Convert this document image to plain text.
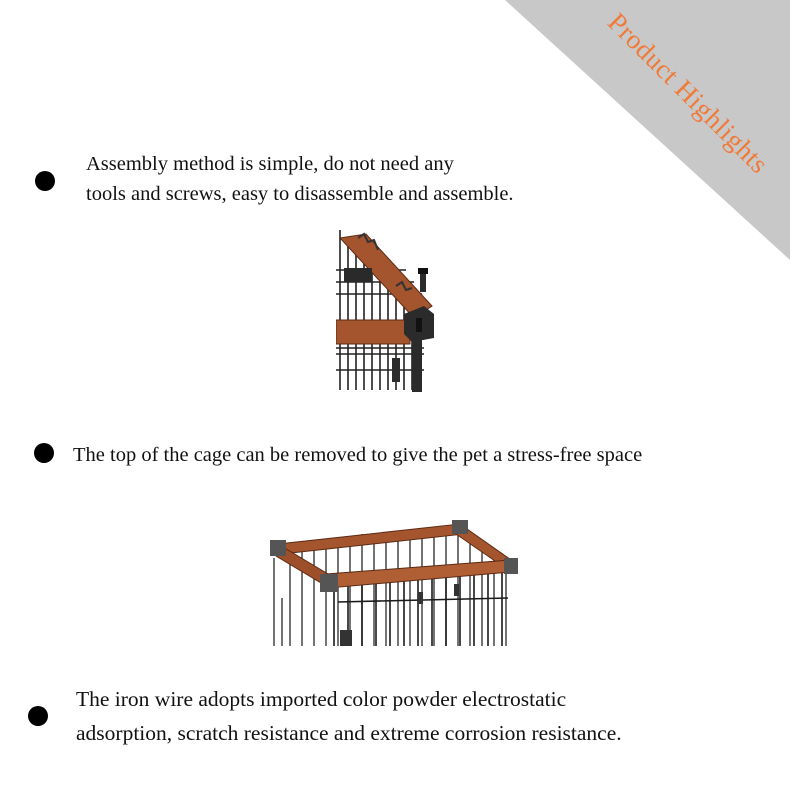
Product Highlights

Assembly method is simple, do not need any
tools and screws, easy to disassemble and assemble.

The top of the cage can be removed to give the pet a stress-free space

The iron wire adopts imported color powder electrostatic
adsorption, scratch resistance and extreme corrosion resistance.
